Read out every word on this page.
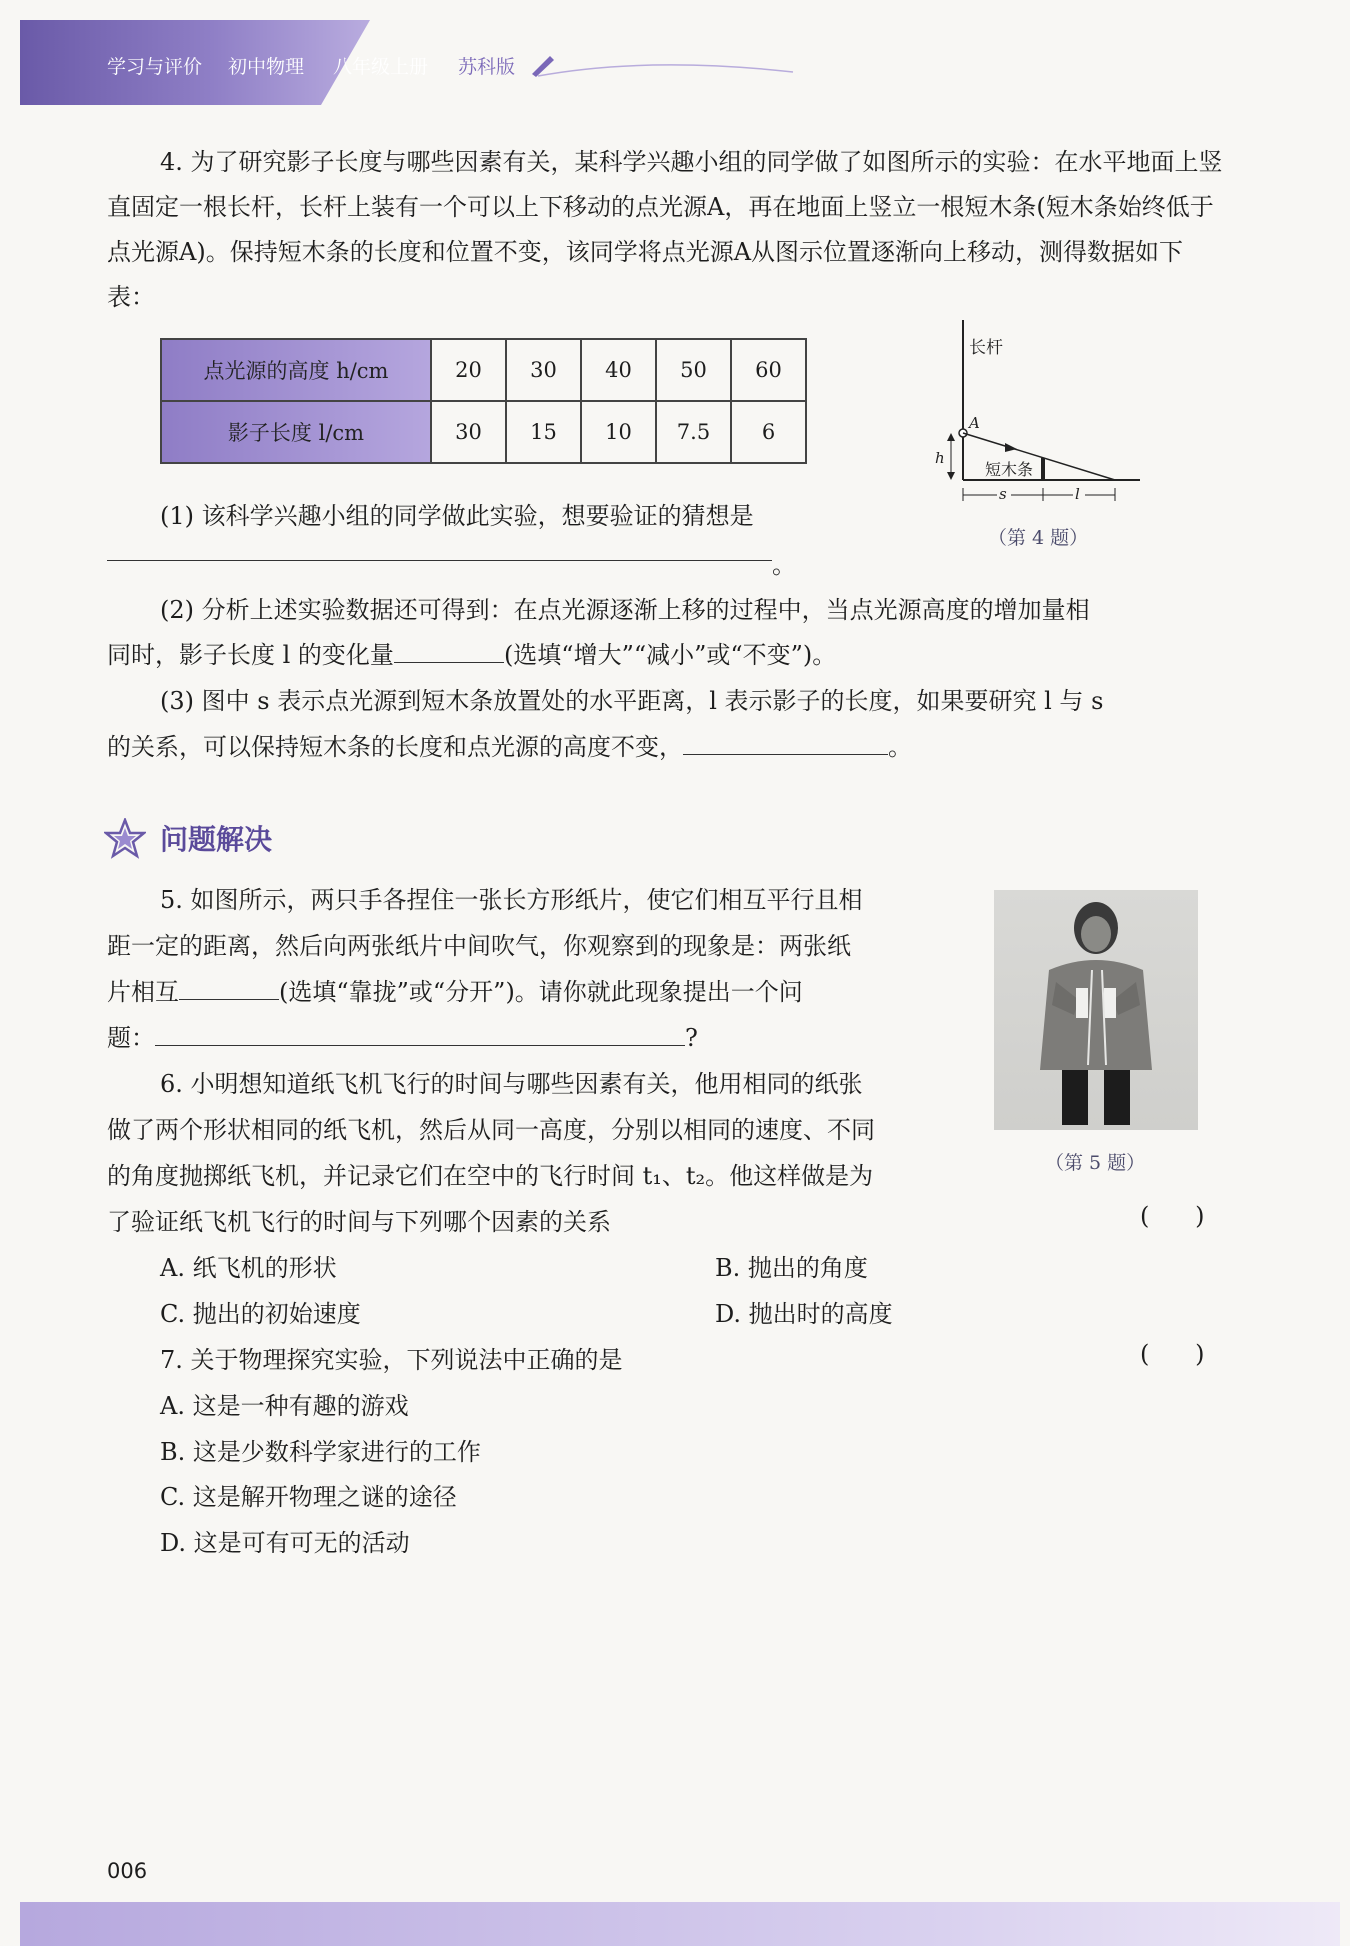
学习与评价 初中物理 八年级上册 苏科版

4. 为了研究影子长度与哪些因素有关，某科学兴趣小组的同学做了如图所示的实验：在水平地面上竖直固定一根长杆，长杆上装有一个可以上下移动的点光源A，再在地面上竖立一根短木条(短木条始终低于点光源A)。保持短木条的长度和位置不变，该同学将点光源A从图示位置逐渐向上移动，测得数据如下表：

点光源的高度 h/cm	20	30	40	50	60
影子长度 l/cm	30	15	10	7.5	6
长杆
A
短木条
h
s	l
（第 4 题）
(1) 该科学兴趣小组的同学做此实验，想要验证的猜想是
。
(2) 分析上述实验数据还可得到：在点光源逐渐上移的过程中，当点光源高度的增加量相
同时，影子长度 l 的变化量	(选填“增大”“减小”或“不变”)。
(3) 图中 s 表示点光源到短木条放置处的水平距离，l 表示影子的长度，如果要研究 l 与 s
的关系，可以保持短木条的长度和点光源的高度不变，	。
问题解决
5. 如图所示，两只手各捏住一张长方形纸片，使它们相互平行且相
距一定的距离，然后向两张纸片中间吹气，你观察到的现象是：两张纸
片相互	(选填“靠拢”或“分开”)。请你就此现象提出一个问
题：	?
（第 5 题）
6. 小明想知道纸飞机飞行的时间与哪些因素有关，他用相同的纸张
做了两个形状相同的纸飞机，然后从同一高度，分别以相同的速度、不同
的角度抛掷纸飞机，并记录它们在空中的飞行时间 t₁、t₂。他这样做是为
了验证纸飞机飞行的时间与下列哪个因素的关系	(      )
A. 纸飞机的形状	B. 抛出的角度
C. 抛出的初始速度	D. 抛出时的高度
7. 关于物理探究实验，下列说法中正确的是	(      )
A. 这是一种有趣的游戏
B. 这是少数科学家进行的工作
C. 这是解开物理之谜的途径
D. 这是可有可无的活动
006
